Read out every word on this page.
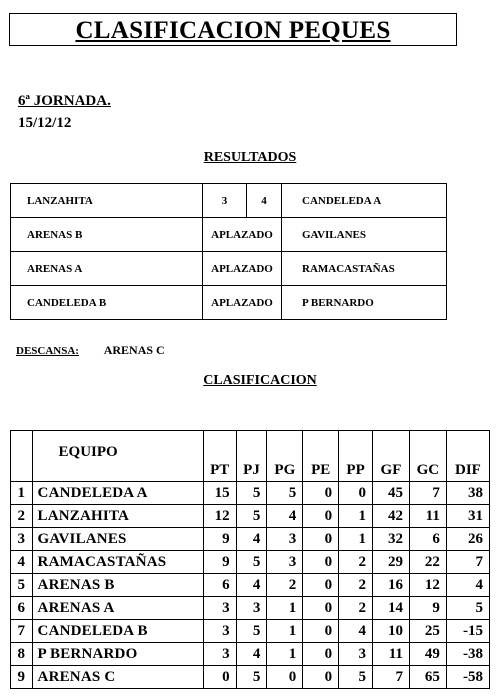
CLASIFICACION PEQUES
6ª JORNADA.
15/12/12
RESULTADOS
LANZAHITA	3	4	CANDELEDA A
ARENAS B	APLAZADO		GAVILANES
ARENAS A	APLAZADO		RAMACASTAÑAS
CANDELEDA B	APLAZADO		P BERNARDO
DESCANSA: ARENAS C
CLASIFICACION
	EQUIPO	PT	PJ	PG	PE	PP	GF	GC	DIF
1	CANDELEDA A	15	5	5	0	0	45	7	38
2	LANZAHITA	12	5	4	0	1	42	11	31
3	GAVILANES	9	4	3	0	1	32	6	26
4	RAMACASTAÑAS	9	5	3	0	2	29	22	7
5	ARENAS B	6	4	2	0	2	16	12	4
6	ARENAS A	3	3	1	0	2	14	9	5
7	CANDELEDA B	3	5	1	0	4	10	25	-15
8	P BERNARDO	3	4	1	0	3	11	49	-38
9	ARENAS C	0	5	0	0	5	7	65	-58
